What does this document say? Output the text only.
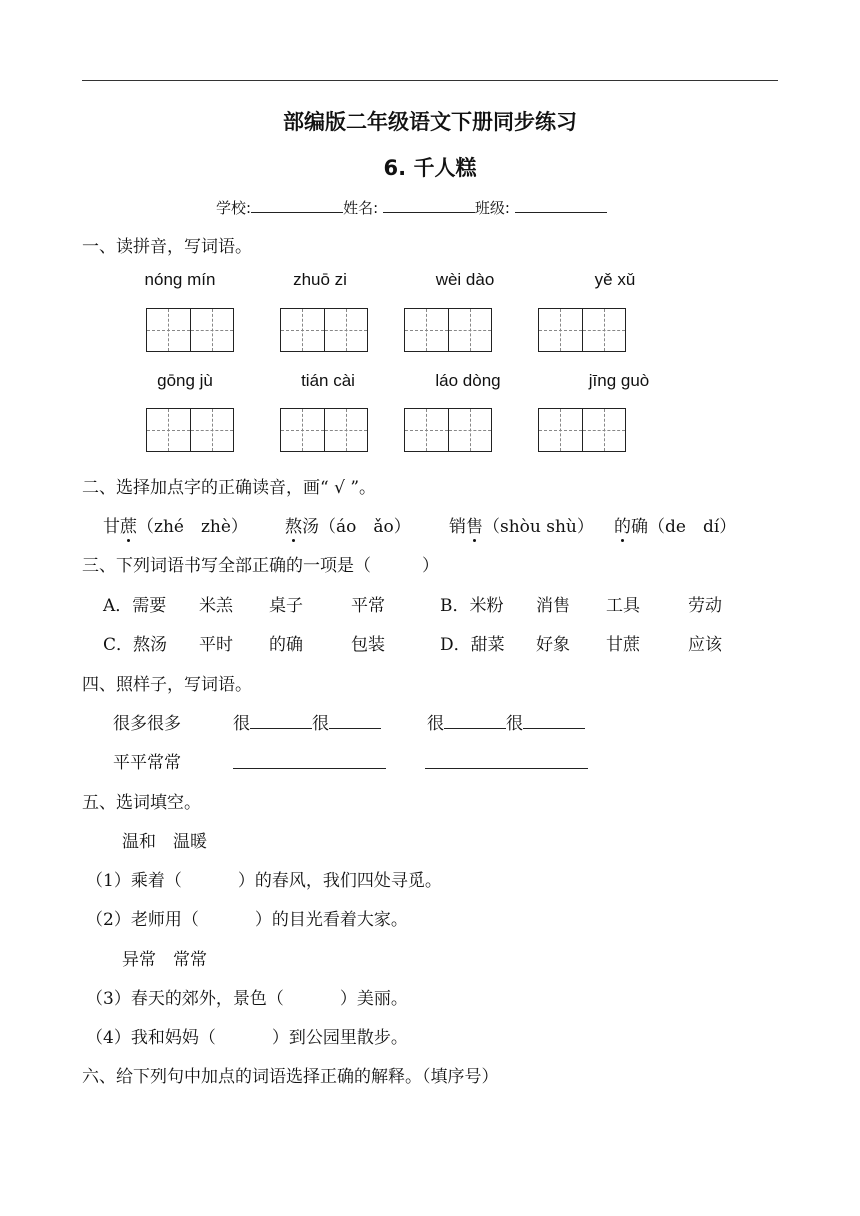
部编版二年级语文下册同步练习
6. 千人糕
学校:	姓名:	班级:
一、读拼音，写词语。
nóng mín	zhuō zi	wèi dào	yě xǔ
gōng jù	tián cài	láo dòng	jīng guò
二、选择加点字的正确读音，画“ √ ”。
甘蔗（zhé　zhè） 熬汤（áo　ǎo） 销售（shòu shù） 的确（de　dí）
三、下列词语书写全部正确的一项是（　　　）
A．需要 米羔 桌子	平常	B．米粉 消售 工具	劳动
C．熬汤 平时 的确	包装	D．甜菜 好象 甘蔗	应该
四、照样子，写词语。
很多很多	很	很	很	很
平平常常
五、选词填空。
温和　温暖
（1）乘着（	）的春风，我们四处寻觅。
（2）老师用（	）的目光看着大家。
异常　常常
（3）春天的郊外，景色（	）美丽。
（4）我和妈妈（	）到公园里散步。
六、给下列句中加点的词语选择正确的解释。（填序号）
